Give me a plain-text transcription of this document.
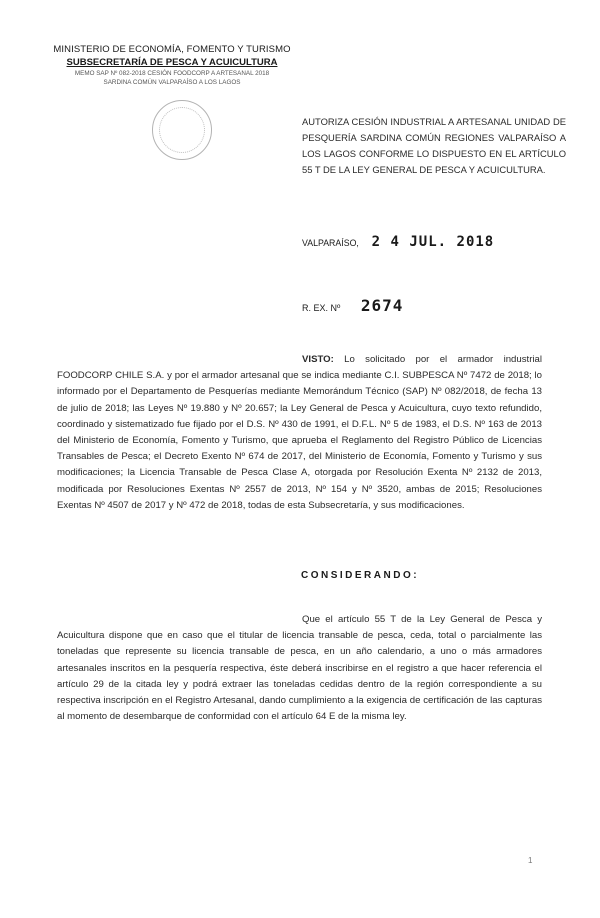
MINISTERIO DE ECONOMÍA, FOMENTO Y TURISMO
SUBSECRETARÍA DE PESCA Y ACUICULTURA
MEMO SAP Nº 082-2018 CESIÓN FOODCORP A ARTESANAL 2018
SARDINA COMÚN VALPARAÍSO A LOS LAGOS
AUTORIZA CESIÓN INDUSTRIAL A ARTESANAL UNIDAD DE PESQUERÍA SARDINA COMÚN REGIONES VALPARAÍSO A LOS LAGOS CONFORME LO DISPUESTO EN EL ARTÍCULO 55 T DE LA LEY GENERAL DE PESCA Y ACUICULTURA.
VALPARAÍSO, 2 4 JUL. 2018
R. EX. Nº 2674
VISTO: Lo solicitado por el armador industrial FOODCORP CHILE S.A. y por el armador artesanal que se indica mediante C.I. SUBPESCA Nº 7472 de 2018; lo informado por el Departamento de Pesquerías mediante Memorándum Técnico (SAP) Nº 082/2018, de fecha 13 de julio de 2018; las Leyes Nº 19.880 y Nº 20.657; la Ley General de Pesca y Acuicultura, cuyo texto refundido, coordinado y sistematizado fue fijado por el D.S. Nº 430 de 1991, el D.F.L. Nº 5 de 1983, el D.S. Nº 163 de 2013 del Ministerio de Economía, Fomento y Turismo, que aprueba el Reglamento del Registro Público de Licencias Transables de Pesca; el Decreto Exento Nº 674 de 2017, del Ministerio de Economía, Fomento y Turismo y sus modificaciones; la Licencia Transable de Pesca Clase A, otorgada por Resolución Exenta Nº 2132 de 2013, modificada por Resoluciones Exentas Nº 2557 de 2013, Nº 154 y Nº 3520, ambas de 2015; Resoluciones Exentas Nº 4507 de 2017 y Nº 472 de 2018, todas de esta Subsecretaría, y sus modificaciones.
CONSIDERANDO:
Que el artículo 55 T de la Ley General de Pesca y Acuicultura dispone que en caso que el titular de licencia transable de pesca, ceda, total o parcialmente las toneladas que represente su licencia transable de pesca, en un año calendario, a uno o más armadores artesanales inscritos en la pesquería respectiva, éste deberá inscribirse en el registro a que hacer referencia el artículo 29 de la citada ley y podrá extraer las toneladas cedidas dentro de la región correspondiente a su respectiva inscripción en el Registro Artesanal, dando cumplimiento a la exigencia de certificación de las capturas al momento de desembarque de conformidad con el artículo 64 E de la misma ley.
1
